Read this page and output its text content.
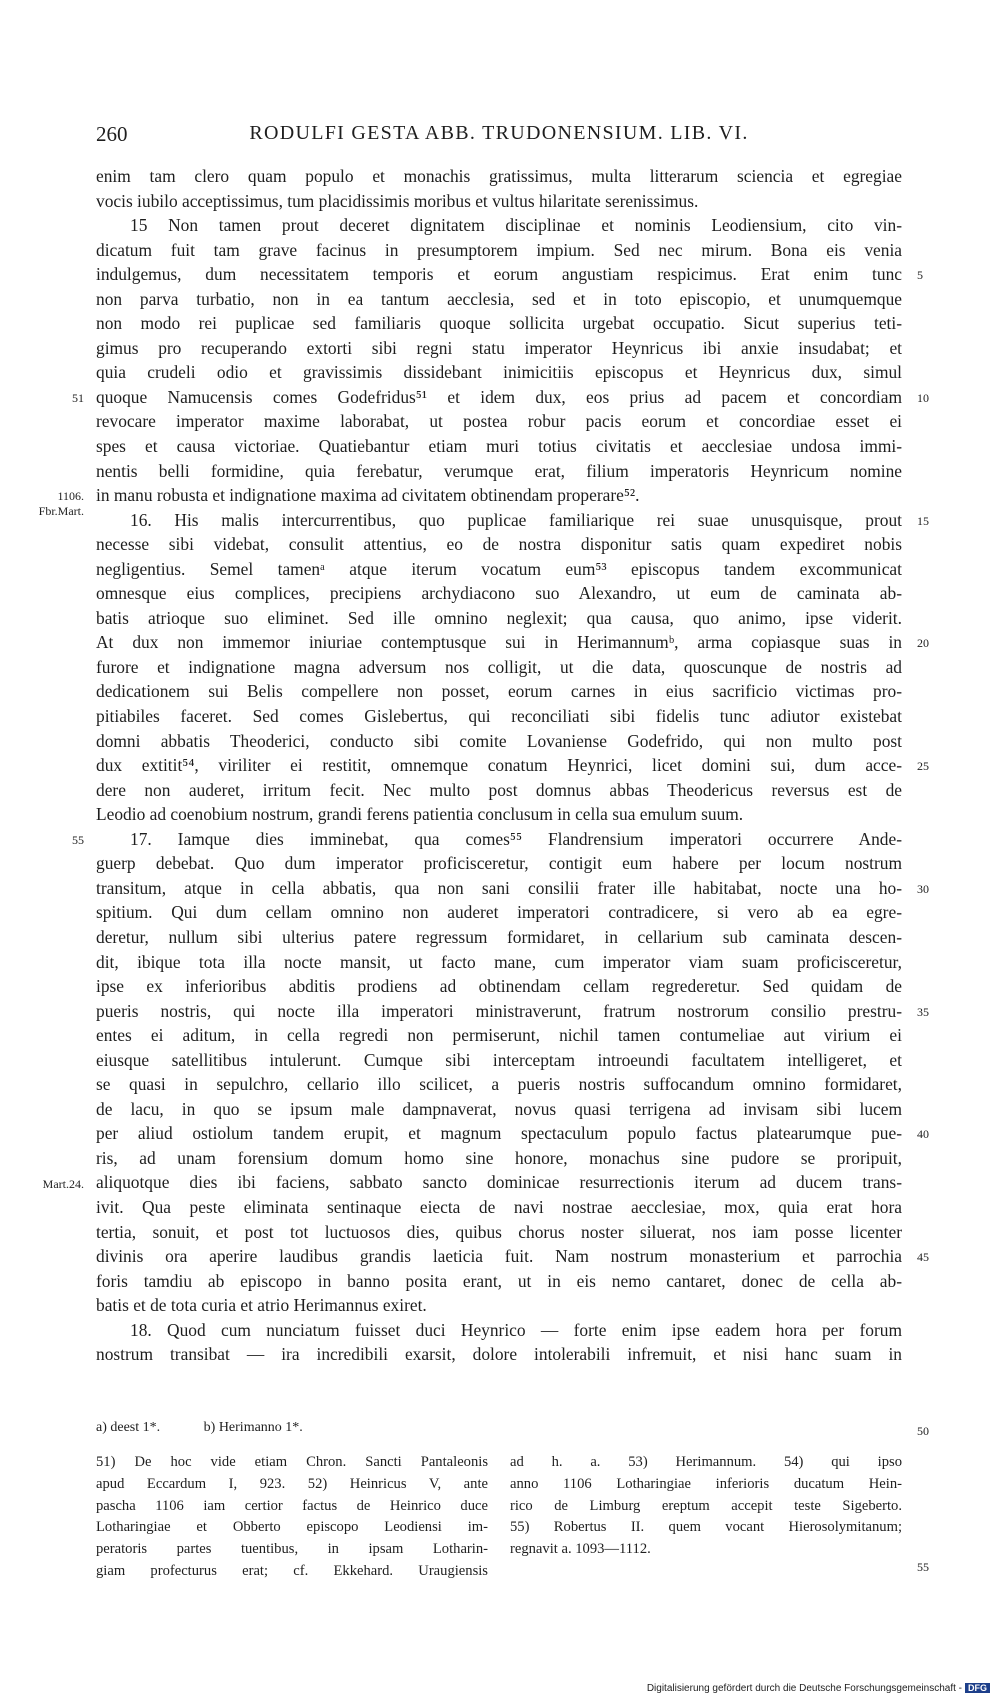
260	RODULFI GESTA ABB. TRUDONENSIUM. LIB. VI.
enim tam clero quam populo et monachis gratissimus, multa litterarum sciencia et egregiae
vocis iubilo acceptissimus, tum placidissimis moribus et vultus hilaritate serenissimus.
15 Non tamen prout deceret dignitatem disciplinae et nominis Leodiensium, cito vin-
dicatum fuit tam grave facinus in presumptorem impium. Sed nec mirum. Bona eis venia
indulgemus, dum necessitatem temporis et eorum angustiam respicimus. Erat enim tunc
non parva turbatio, non in ea tantum aecclesia, sed et in toto episcopio, et unumquemque
non modo rei puplicae sed familiaris quoque sollicita urgebat occupatio. Sicut superius teti-
gimus pro recuperando extorti sibi regni statu imperator Heynricus ibi anxie insudabat; et
quia crudeli odio et gravissimis dissidebant inimicitiis episcopus et Heynricus dux, simul
quoque Namucensis comes Godefridus⁵¹ et idem dux, eos prius ad pacem et concordiam
revocare imperator maxime laborabat, ut postea robur pacis eorum et concordiae esset ei
spes et causa victoriae. Quatiebantur etiam muri totius civitatis et aecclesiae undosa immi-
nentis belli formidine, quia ferebatur, verumque erat, filium imperatoris Heynricum nomine
in manu robusta et indignatione maxima ad civitatem obtinendam properare⁵².
16. His malis intercurrentibus, quo puplicae familiarique rei suae unusquisque, prout
necesse sibi videbat, consulit attentius, eo de nostra disponitur satis quam expediret nobis
negligentius. Semel tamenᵃ atque iterum vocatum eum⁵³ episcopus tandem excommunicat
omnesque eius complices, precipiens archydiacono suo Alexandro, ut eum de caminata ab-
batis atrioque suo eliminet. Sed ille omnino neglexit; qua causa, quo animo, ipse viderit.
At dux non immemor iniuriae contemptusque sui in Herimannumᵇ, arma copiasque suas in
furore et indignatione magna adversum nos colligit, ut die data, quoscunque de nostris ad
dedicationem sui Belis compellere non posset, eorum carnes in eius sacrificio victimas pro-
pitiabiles faceret. Sed comes Gislebertus, qui reconciliati sibi fidelis tunc adiutor existebat
domni abbatis Theoderici, conducto sibi comite Lovaniense Godefrido, qui non multo post
dux extitit⁵⁴, viriliter ei restitit, omnemque conatum Heynrici, licet domini sui, dum acce-
dere non auderet, irritum fecit. Nec multo post domnus abbas Theodericus reversus est de
Leodio ad coenobium nostrum, grandi ferens patientia conclusum in cella sua emulum suum.
17. Iamque dies imminebat, qua comes⁵⁵ Flandrensium imperatori occurrere Ande-
guerp debebat. Quo dum imperator proficisceretur, contigit eum habere per locum nostrum
transitum, atque in cella abbatis, qua non sani consilii frater ille habitabat, nocte una ho-
spitium. Qui dum cellam omnino non auderet imperatori contradicere, si vero ab ea egre-
deretur, nullum sibi ulterius patere regressum formidaret, in cellarium sub caminata descen-
dit, ibique tota illa nocte mansit, ut facto mane, cum imperator viam suam proficisceretur,
ipse ex inferioribus abditis prodiens ad obtinendam cellam regrederetur. Sed quidam de
pueris nostris, qui nocte illa imperatori ministraverunt, fratrum nostrorum consilio prestru-
entes ei aditum, in cella regredi non permiserunt, nichil tamen contumeliae aut virium ei
eiusque satellitibus intulerunt. Cumque sibi interceptam introeundi facultatem intelligeret, et
se quasi in sepulchro, cellario illo scilicet, a pueris nostris suffocandum omnino formidaret,
de lacu, in quo se ipsum male dampnaverat, novus quasi terrigena ad invisam sibi lucem
per aliud ostiolum tandem erupit, et magnum spectaculum populo factus platearumque pue-
ris, ad unam forensium domum homo sine honore, monachus sine pudore se proripuit,
aliquotque dies ibi faciens, sabbato sancto dominicae resurrectionis iterum ad ducem trans-
ivit. Qua peste eliminata sentinaque eiecta de navi nostrae aecclesiae, mox, quia erat hora
tertia, sonuit, et post tot luctuosos dies, quibus chorus noster siluerat, nos iam posse licenter
divinis ora aperire laudibus grandis laeticia fuit. Nam nostrum monasterium et parrochia
foris tamdiu ab episcopo in banno posita erant, ut in eis nemo cantaret, donec de cella ab-
batis et de tota curia et atrio Herimannus exiret.
18. Quod cum nunciatum fuisset duci Heynrico — forte enim ipse eadem hora per forum
nostrum transibat — ira incredibili exarsit, dolore intolerabili infremuit, et nisi hanc suam in
51
1106.
Fbr.Mart.
55
Mart.24.
5
10
15
20
25
30
35
40
45
a) deest 1*.	b) Herimanno 1*.	50
51) De hoc vide etiam Chron. Sancti Pantaleonis
apud Eccardum I, 923. 52) Heinricus V, ante
pascha 1106 iam certior factus de Heinrico duce
Lotharingiae et Obberto episcopo Leodiensi im-
peratoris partes tuentibus, in ipsam Lotharin-
giam profecturus erat; cf. Ekkehard. Uraugiensis
ad h. a. 53) Herimannum. 54) qui ipso
anno 1106 Lotharingiae inferioris ducatum Hein-
rico de Limburg ereptum accepit teste Sigeberto.
55) Robertus II. quem vocant Hierosolymitanum;
regnavit a. 1093—1112.
55
Digitalisierung gefördert durch die Deutsche Forschungsgemeinschaft - DFG
